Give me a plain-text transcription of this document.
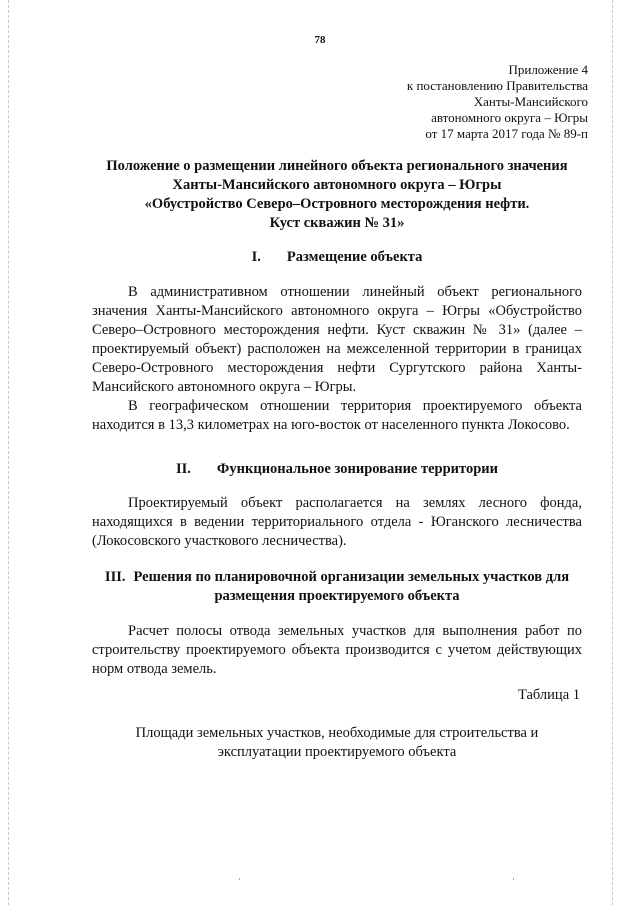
78
Приложение 4
к постановлению Правительства
Ханты-Мансийского
автономного округа – Югры
от 17 марта 2017 года № 89-п
Положение о размещении линейного объекта регионального значения
Ханты-Мансийского автономного округа – Югры
«Обустройство Северо–Островного месторождения нефти.
Куст скважин № 31»
I. Размещение объекта

В административном отношении линейный объект регионального значения Ханты-Мансийского автономного округа – Югры «Обустройство Северо–Островного месторождения нефти. Куст скважин № 31» (далее – проектируемый объект) расположен на межселенной территории в границах Северо-Островного месторождения нефти Сургутского района Ханты-Мансийского автономного округа – Югры.

В географическом отношении территория проектируемого объекта находится в 13,3 километрах на юго-восток от населенного пункта Локосово.

II. Функциональное зонирование территории

Проектируемый объект располагается на землях лесного фонда, находящихся в ведении территориального отдела - Юганского лесничества (Локосовского участкового лесничества).

III. Решения по планировочной организации земельных участков для размещения проектируемого объекта

Расчет полосы отвода земельных участков для выполнения работ по строительству проектируемого объекта производится с учетом действующих норм отвода земель.

Таблица 1
Площади земельных участков, необходимые для строительства и
эксплуатации проектируемого объекта
·	·
